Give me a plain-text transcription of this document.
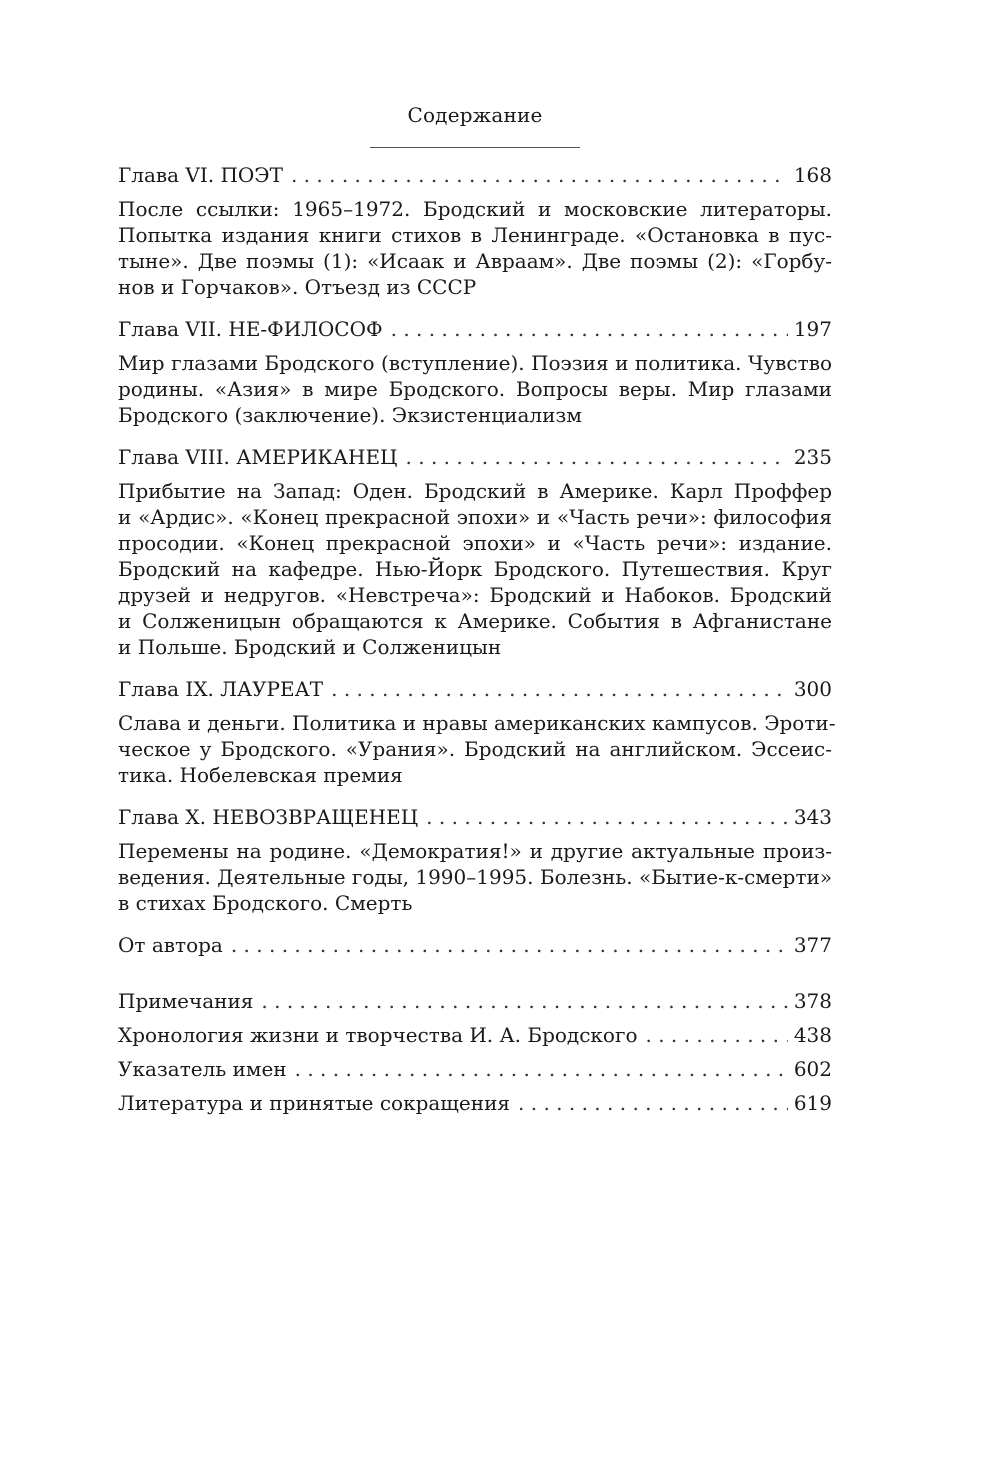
Содержание
Глава VI. ПОЭТ . . .	168
После ссылки: 1965–1972. Бродский и московские литераторы.
Попытка издания книги стихов в Ленинграде. «Остановка в пус-
тыне». Две поэмы (1): «Исаак и Авраам». Две поэмы (2): «Горбу-
нов и Горчаков». Отъезд из СССР
Глава VII. НЕ-ФИЛОСОФ . . .	197
Мир глазами Бродского (вступление). Поэзия и политика. Чувство
родины. «Азия» в мире Бродского. Вопросы веры. Мир глазами
Бродского (заключение). Экзистенциализм
Глава VIII. АМЕРИКАНЕЦ . . .	235
Прибытие на Запад: Оден. Бродский в Америке. Карл Проффер
и «Ардис». «Конец прекрасной эпохи» и «Часть речи»: философия
просодии. «Конец прекрасной эпохи» и «Часть речи»: издание.
Бродский на кафедре. Нью-Йорк Бродского. Путешествия. Круг
друзей и недругов. «Невстреча»: Бродский и Набоков. Бродский
и Солженицын обращаются к Америке. События в Афганистане
и Польше. Бродский и Солженицын
Глава IX. ЛАУРЕАТ . . .	300
Слава и деньги. Политика и нравы американских кампусов. Эроти-
ческое у Бродского. «Урания». Бродский на английском. Эссеис-
тика. Нобелевская премия
Глава X. НЕВОЗВРАЩЕНЕЦ . . .	343
Перемены на родине. «Демократия!» и другие актуальные произ-
ведения. Деятельные годы, 1990–1995. Болезнь. «Бытие-к-смерти»
в стихах Бродского. Смерть
От автора . . .	377
Примечания . . .	378
Хронология жизни и творчества И. А. Бродского . . .	438
Указатель имен . . .	602
Литература и принятые сокращения . . .	619
